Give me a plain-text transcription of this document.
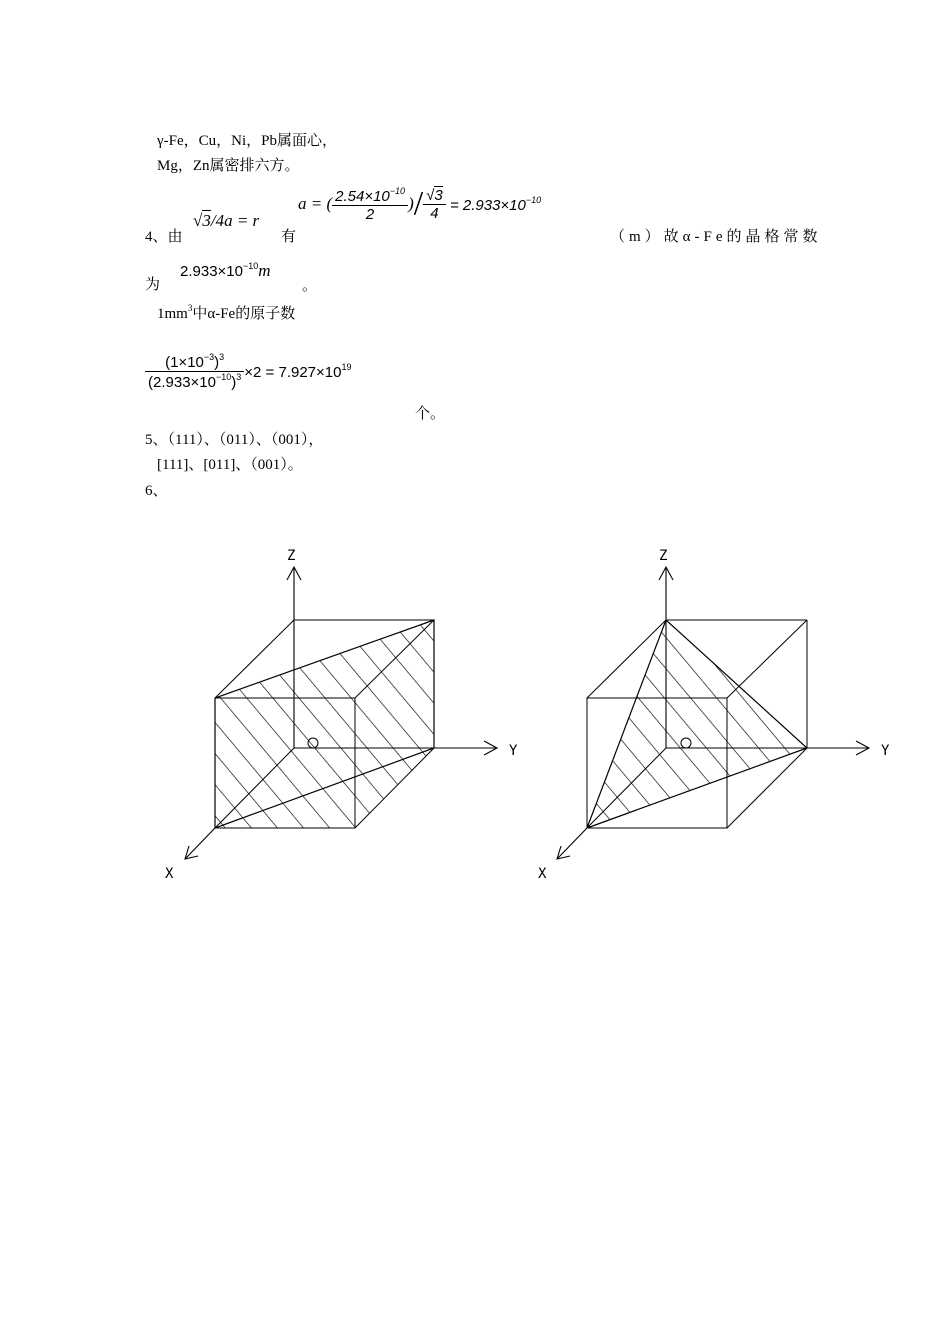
γ-Fe，Cu，Ni，Pb属面心，
Mg，Zn属密排六方。
4、由
√3/4a = r
有
a = ( $\frac{2.54\times 10^{-10}}{2}$ )/ $\frac{√3}{4} = 2.933\times 10^{-10}$
（m）故α-Fe的晶格常数
为
$2.933\times 10^{-10}m$
。
$1mm^3$中α-Fe的原子数
$\frac{(1\times 10^{-3})^3}{(2.933\times 10^{-10})^3} \times 2 = 7.927\times 10^{19}$
个。
5、（111）、（011）、（001），
[111]、[011]、（001）。
6、
Z
Y
X
Z
Y
X
